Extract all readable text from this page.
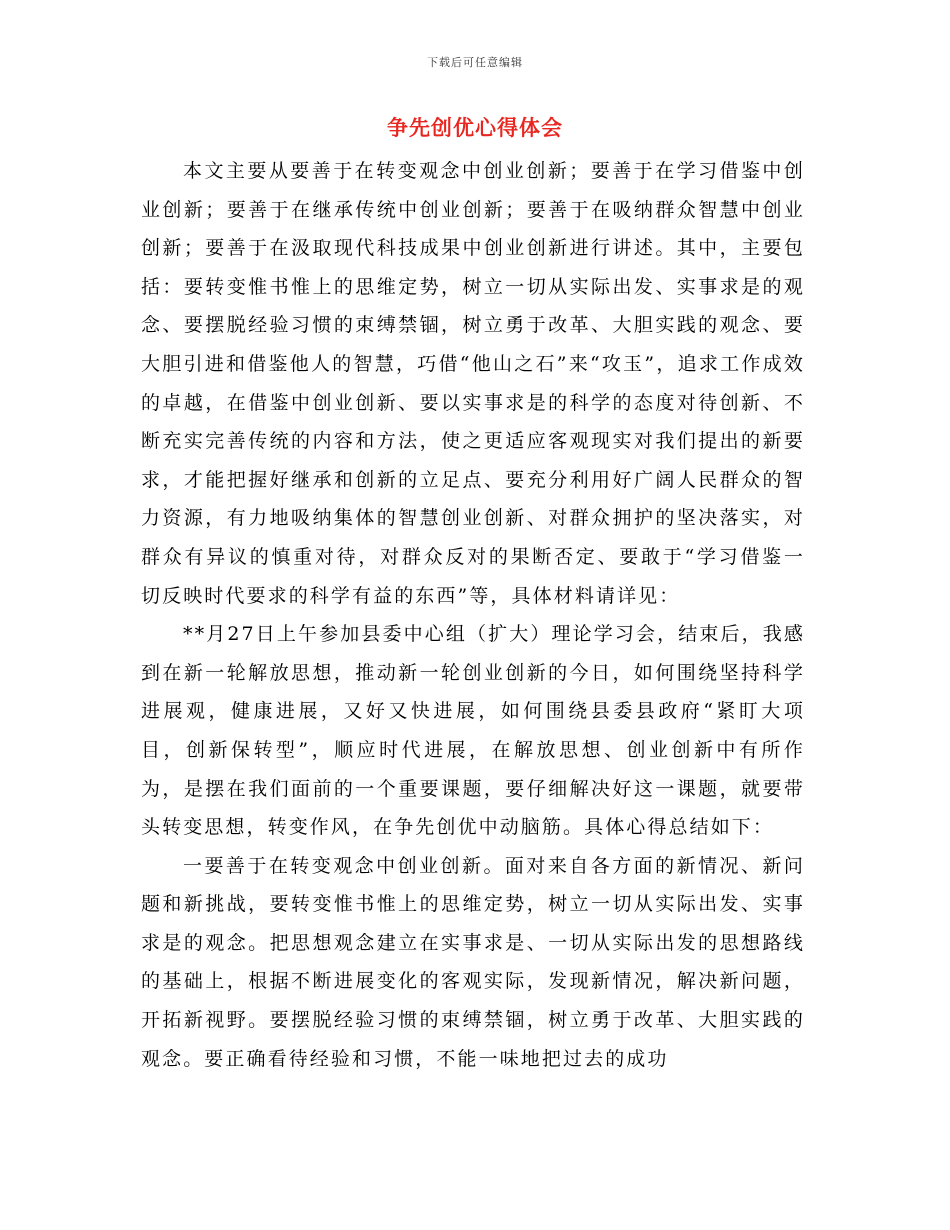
下载后可任意编辑
争先创优心得体会

本文主要从要善于在转变观念中创业创新；要善于在学习借鉴中创业创新；要善于在继承传统中创业创新；要善于在吸纳群众智慧中创业创新；要善于在汲取现代科技成果中创业创新进行讲述。其中，主要包括：要转变惟书惟上的思维定势，树立一切从实际出发、实事求是的观念、要摆脱经验习惯的束缚禁锢，树立勇于改革、大胆实践的观念、要大胆引进和借鉴他人的智慧，巧借“他山之石”来“攻玉”，追求工作成效的卓越，在借鉴中创业创新、要以实事求是的科学的态度对待创新、不断充实完善传统的内容和方法，使之更适应客观现实对我们提出的新要求，才能把握好继承和创新的立足点、要充分利用好广阔人民群众的智力资源，有力地吸纳集体的智慧创业创新、对群众拥护的坚决落实，对群众有异议的慎重对待，对群众反对的果断否定、要敢于“学习借鉴一切反映时代要求的科学有益的东西”等，具体材料请详见：

**月27日上午参加县委中心组（扩大）理论学习会，结束后，我感到在新一轮解放思想，推动新一轮创业创新的今日，如何围绕坚持科学进展观，健康进展，又好又快进展，如何围绕县委县政府“紧盯大项目，创新保转型”，顺应时代进展，在解放思想、创业创新中有所作为，是摆在我们面前的一个重要课题，要仔细解决好这一课题，就要带头转变思想，转变作风，在争先创优中动脑筋。具体心得总结如下：

一要善于在转变观念中创业创新。面对来自各方面的新情况、新问题和新挑战，要转变惟书惟上的思维定势，树立一切从实际出发、实事求是的观念。把思想观念建立在实事求是、一切从实际出发的思想路线的基础上，根据不断进展变化的客观实际，发现新情况，解决新问题，开拓新视野。要摆脱经验习惯的束缚禁锢，树立勇于改革、大胆实践的观念。要正确看待经验和习惯，不能一味地把过去的成功
